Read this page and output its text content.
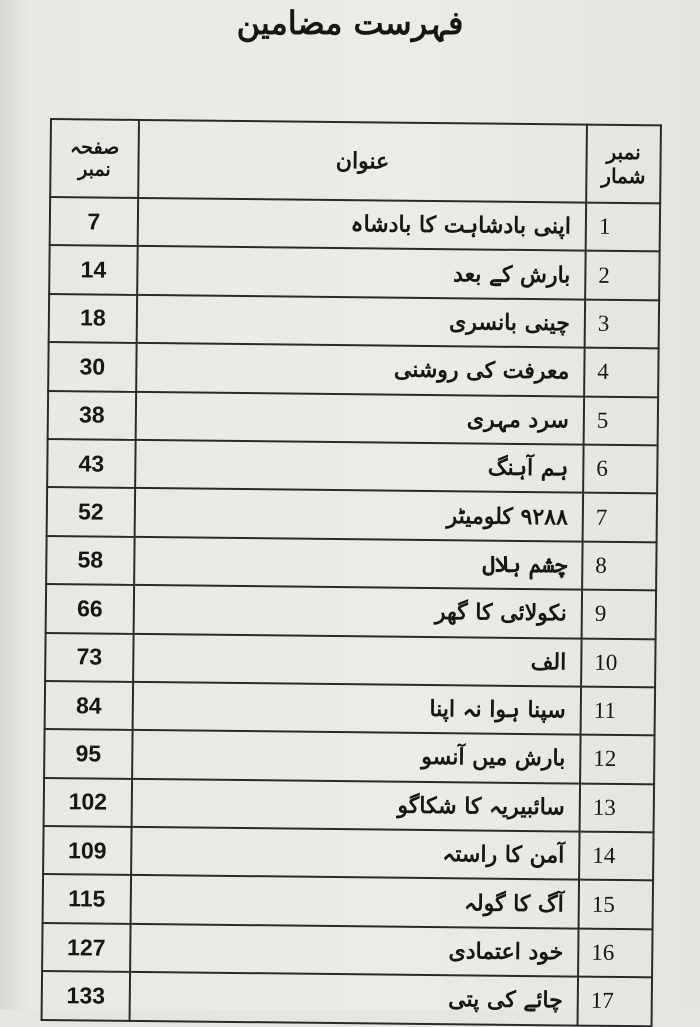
فہرست مضامین
صفحہ نمبر	عنوان	نمبر شمار
7	اپنی بادشاہت کا بادشاہ	1
14	بارش کے بعد	2
18	چینی بانسری	3
30	معرفت کی روشنی	4
38	سرد مہری	5
43	ہم آہنگ	6
52	۹۲۸۸ کلومیٹر	7
58	چشم ہلال	8
66	نکولائی کا گھر	9
73	الف	10
84	سپنا ہوا نہ اپنا	11
95	بارش میں آنسو	12
102	سائبیریہ کا شکاگو	13
109	آمن کا راستہ	14
115	آگ کا گولہ	15
127	خود اعتمادی	16
133	چائے کی پتی	17
